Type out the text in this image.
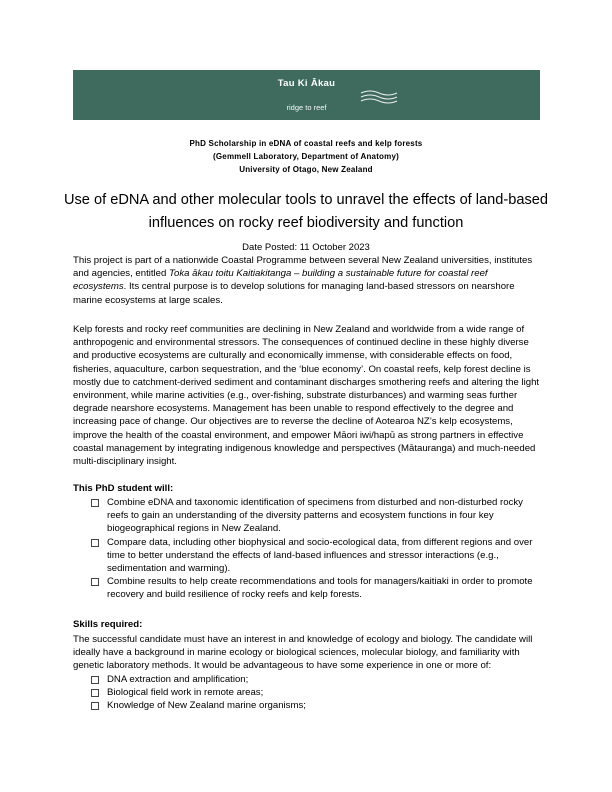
Tau Ki Ākau
ridge to reef
PhD Scholarship in eDNA of coastal reefs and kelp forests
(Gemmell Laboratory, Department of Anatomy)
University of Otago, New Zealand
Use of eDNA and other molecular tools to unravel the effects of land-based influences on rocky reef biodiversity and function
Date Posted: 11 October 2023
This project is part of a nationwide Coastal Programme between several New Zealand universities, institutes and agencies, entitled Toka ākau toitu Kaitiakitanga – building a sustainable future for coastal reef ecosystems. Its central purpose is to develop solutions for managing land-based stressors on nearshore marine ecosystems at large scales.
Kelp forests and rocky reef communities are declining in New Zealand and worldwide from a wide range of anthropogenic and environmental stressors. The consequences of continued decline in these highly diverse and productive ecosystems are culturally and economically immense, with considerable effects on food, fisheries, aquaculture, carbon sequestration, and the ‘blue economy’. On coastal reefs, kelp forest decline is mostly due to catchment-derived sediment and contaminant discharges smothering reefs and altering the light environment, while marine activities (e.g., over-fishing, substrate disturbances) and warming seas further degrade nearshore ecosystems. Management has been unable to respond effectively to the degree and increasing pace of change. Our objectives are to reverse the decline of Aotearoa NZ’s kelp ecosystems, improve the health of the coastal environment, and empower Māori iwi/hapū as strong partners in effective coastal management by integrating indigenous knowledge and perspectives (Mātauranga) and much-needed multi-disciplinary insight.
This PhD student will:
Combine eDNA and taxonomic identification of specimens from disturbed and non-disturbed rocky reefs to gain an understanding of the diversity patterns and ecosystem functions in four key biogeographical regions in New Zealand.
Compare data, including other biophysical and socio-ecological data, from different regions and over time to better understand the effects of land-based influences and stressor interactions (e.g., sedimentation and warming).
Combine results to help create recommendations and tools for managers/kaitiaki in order to promote recovery and build resilience of rocky reefs and kelp forests.
Skills required:
The successful candidate must have an interest in and knowledge of ecology and biology. The candidate will ideally have a background in marine ecology or biological sciences, molecular biology, and familiarity with genetic laboratory methods. It would be advantageous to have some experience in one or more of:
DNA extraction and amplification;
Biological field work in remote areas;
Knowledge of New Zealand marine organisms;
